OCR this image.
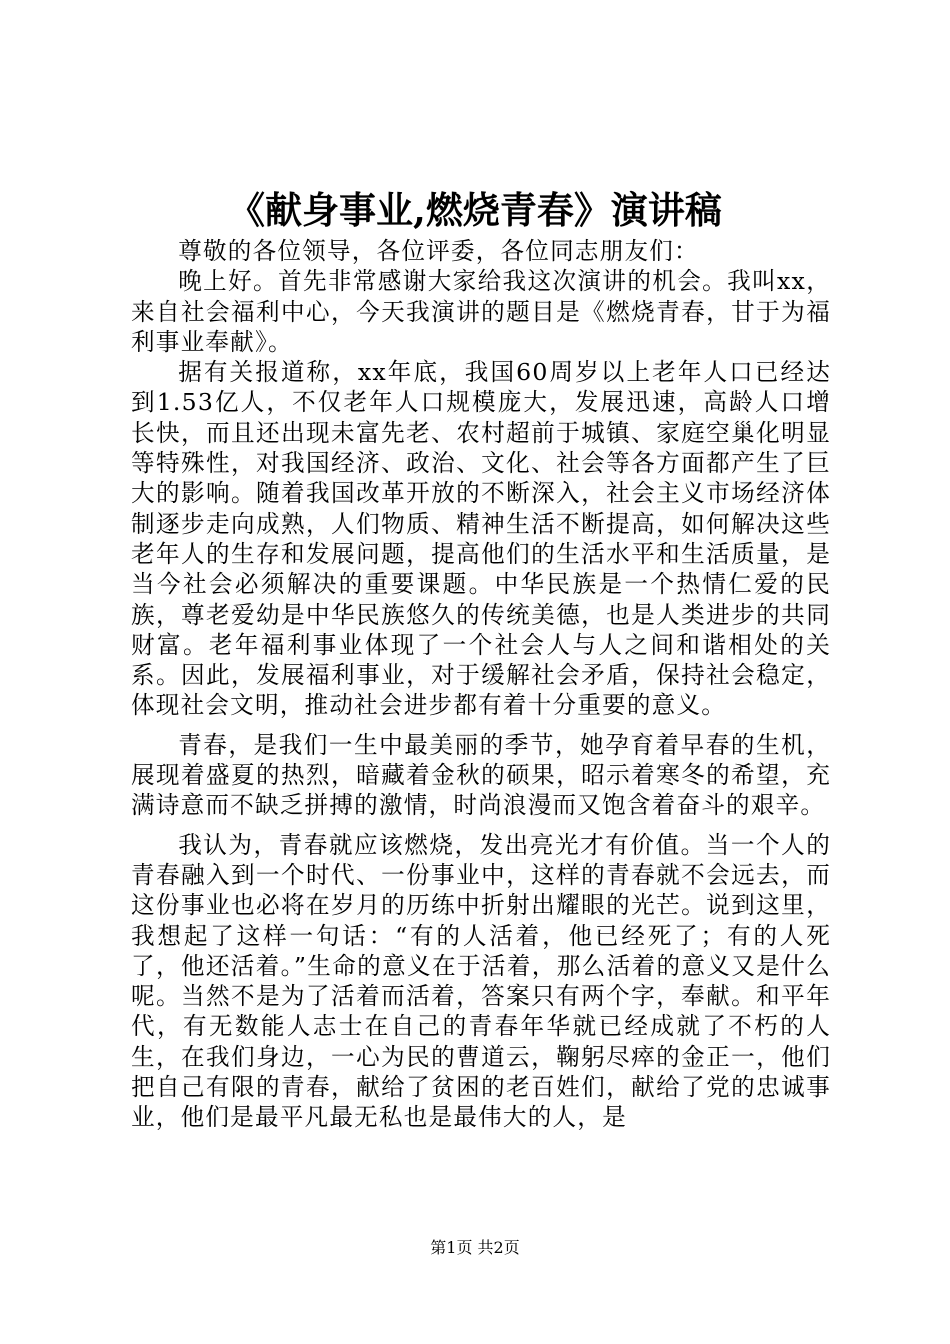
《献身事业,燃烧青春》演讲稿

尊敬的各位领导，各位评委，各位同志朋友们：

晚上好。首先非常感谢大家给我这次演讲的机会。我叫xx，来自社会福利中心，今天我演讲的题目是《燃烧青春，甘于为福利事业奉献》。

据有关报道称，xx年底，我国60周岁以上老年人口已经达到1.53亿人，不仅老年人口规模庞大，发展迅速，高龄人口增长快，而且还出现未富先老、农村超前于城镇、家庭空巢化明显等特殊性，对我国经济、政治、文化、社会等各方面都产生了巨大的影响。随着我国改革开放的不断深入，社会主义市场经济体制逐步走向成熟，人们物质、精神生活不断提高，如何解决这些老年人的生存和发展问题，提高他们的生活水平和生活质量，是当今社会必须解决的重要课题。中华民族是一个热情仁爱的民族，尊老爱幼是中华民族悠久的传统美德，也是人类进步的共同财富。老年福利事业体现了一个社会人与人之间和谐相处的关系。因此，发展福利事业，对于缓解社会矛盾，保持社会稳定，体现社会文明，推动社会进步都有着十分重要的意义。

青春，是我们一生中最美丽的季节，她孕育着早春的生机，展现着盛夏的热烈，暗藏着金秋的硕果，昭示着寒冬的希望，充满诗意而不缺乏拼搏的激情，时尚浪漫而又饱含着奋斗的艰辛。

我认为，青春就应该燃烧，发出亮光才有价值。当一个人的青春融入到一个时代、一份事业中，这样的青春就不会远去，而这份事业也必将在岁月的历练中折射出耀眼的光芒。说到这里，我想起了这样一句话：“有的人活着，他已经死了；有的人死了，他还活着。”生命的意义在于活着，那么活着的意义又是什么呢。当然不是为了活着而活着，答案只有两个字，奉献。和平年代，有无数能人志士在自己的青春年华就已经成就了不朽的人生，在我们身边，一心为民的曹道云，鞠躬尽瘁的金正一，他们把自己有限的青春，献给了贫困的老百姓们，献给了党的忠诚事业，他们是最平凡最无私也是最伟大的人，是

第1页 共2页
